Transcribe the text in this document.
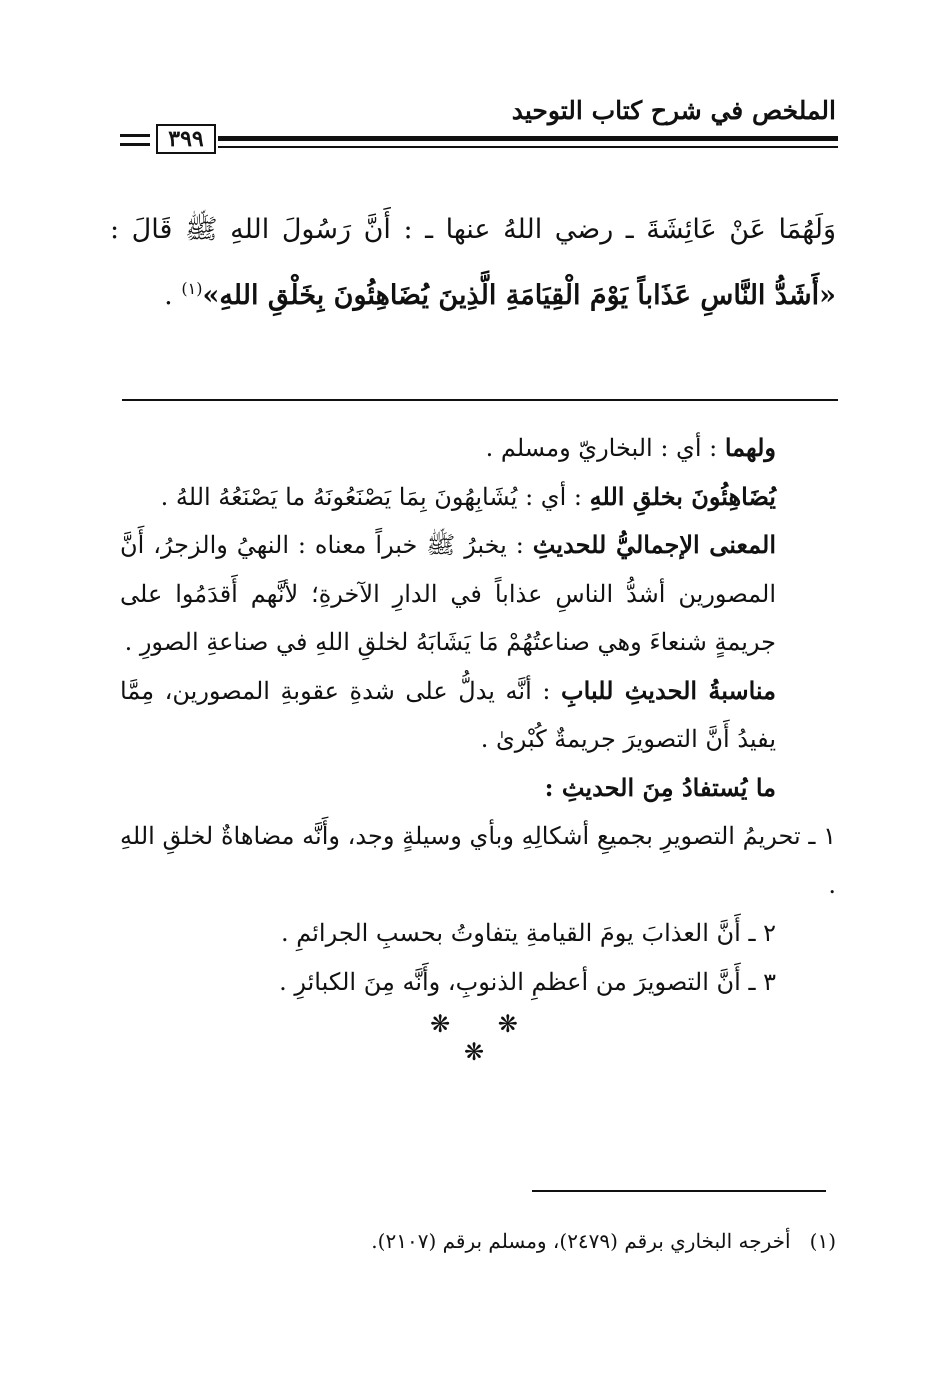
الملخص في شرح كتاب التوحيد
٣٩٩
وَلَهُمَا عَنْ عَائِشَةَ ـ رضي اللهُ عنها ـ : أَنَّ رَسُولَ اللهِ ﷺ قَالَ : «أَشَدُّ النَّاسِ عَذَاباً يَوْمَ الْقِيَامَةِ الَّذِينَ يُضَاهِئُونَ بِخَلْقِ اللهِ»$^{(١)}$ .

ولهما : أي : البخاريّ ومسلم .

يُضَاهِئُونَ بخلقِ اللهِ : أي : يُشَابِهُونَ بِمَا يَصْنَعُونَهُ ما يَصْنَعُهُ اللهُ .

المعنى الإجماليُّ للحديثِ : يخبرُ ﷺ خبراً معناه : النهيُ والزجرُ، أَنَّ المصورين أشدُّ الناسِ عذاباً في الدارِ الآخرةِ؛ لأنَّهم أَقدَمُوا على جريمةٍ شنعاءَ وهي صناعتُهُمْ مَا يَشَابَهُ لخلقِ اللهِ في صناعةِ الصورِ .

مناسبةُ الحديثِ للبابِ : أنَّه يدلُّ على شدةِ عقوبةِ المصورين، مِمَّا يفيدُ أَنَّ التصويرَ جريمةٌ كُبْرىٰ .

ما يُستفادُ مِنَ الحديثِ :

١ ـ تحريمُ التصويرِ بجميعِ أشكالِهِ وبأي وسيلةٍ وجد، وأَنَّه مضاهاةٌ لخلقِ اللهِ .

٢ ـ أَنَّ العذابَ يومَ القيامةِ يتفاوتُ بحسبِ الجرائمِ .

٣ ـ أَنَّ التصويرَ من أعظمِ الذنوبِ، وأَنَّه مِنَ الكبائرِ .

❋ ❋ ❋
(١)   أخرجه البخاري برقم (٢٤٧٩)، ومسلم برقم (٢١٠٧).
